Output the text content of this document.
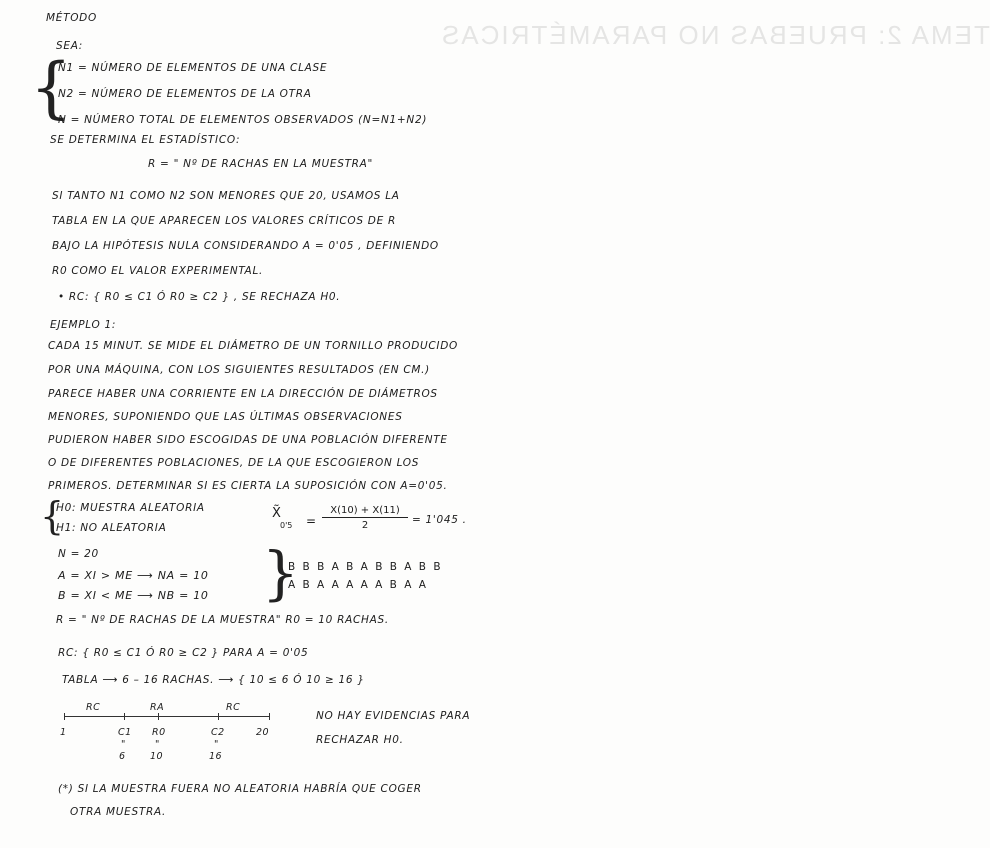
TEMA 2: PRUEBAS NO PARAMÉTRICAS
MÉTODO
SEA:
{
N1 = NÚMERO DE ELEMENTOS DE UNA CLASE
N2 = NÚMERO DE ELEMENTOS DE LA OTRA
N = NÚMERO TOTAL DE ELEMENTOS OBSERVADOS (N=N1+N2)
SE DETERMINA EL ESTADÍSTICO:
R = " Nº DE RACHAS EN LA MUESTRA"
SI TANTO N1 COMO N2 SON MENORES QUE 20, USAMOS LA
TABLA EN LA QUE APARECEN LOS VALORES CRÍTICOS DE R
BAJO LA HIPÓTESIS NULA CONSIDERANDO Α = 0'05 , DEFINIENDO
R0 COMO EL VALOR EXPERIMENTAL.
• RC: { R0 ≤ C1 Ó R0 ≥ C2 } , SE RECHAZA H0.
EJEMPLO 1:
CADA 15 MINUT. SE MIDE EL DIÁMETRO DE UN TORNILLO PRODUCIDO
POR UNA MÁQUINA, CON LOS SIGUIENTES RESULTADOS (EN CM.)
PARECE HABER UNA CORRIENTE EN LA DIRECCIÓN DE DIÁMETROS
MENORES, SUPONIENDO QUE LAS ÚLTIMAS OBSERVACIONES
PUDIERON HABER SIDO ESCOGIDAS DE UNA POBLACIÓN DIFERENTE
O DE DIFERENTES POBLACIONES, DE LA QUE ESCOGIERON LOS
PRIMEROS. DETERMINAR SI ES CIERTA LA SUPOSICIÓN CON Α=0'05.
{
H0: MUESTRA ALEATORIA
H1: NO ALEATORIA
X̃
0'5 =
X(10) + X(11)
2	= 1'045 .
N = 20
A = XI > ME ⟶ NA = 10
B = XI < ME ⟶ NB = 10 {
B B B A B A B B A B B
A B A A A A A B A A
R = " Nº DE RACHAS DE LA MUESTRA" R0 = 10 RACHAS.
RC: { R0 ≤ C1 Ó R0 ≥ C2 } PARA Α = 0'05
TABLA ⟶ 6 – 16 RACHAS. ⟶ { 10 ≤ 6 Ó 10 ≥ 16 }
RC	RA	RC
1	C1 R0	C2	20
"	"	"
6	10	16
NO HAY EVIDENCIAS PARA
RECHAZAR H0.
(*) SI LA MUESTRA FUERA NO ALEATORIA HABRÍA QUE COGER
OTRA MUESTRA.
